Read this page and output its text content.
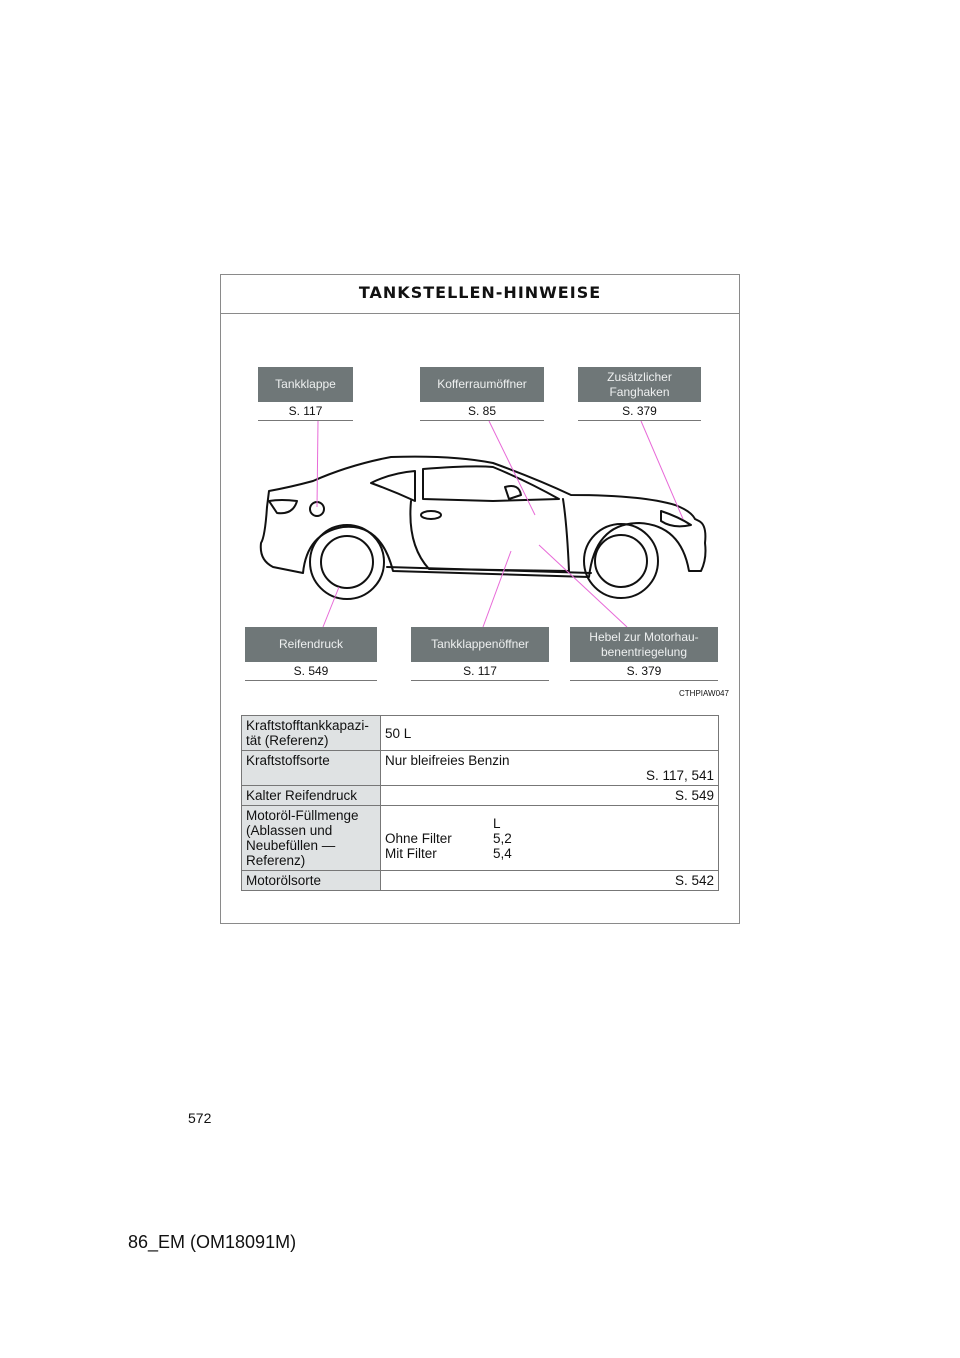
TANKSTELLEN-HINWEISE
Tankklappe
S. 117
Kofferraumöffner
S. 85
Zusätzlicher Fanghaken
S. 379
Reifendruck
S. 549
Tankklappenöffner
S. 117
Hebel zur Motorhau- benentriegelung
S. 379
CTHPIAW047
Kraftstofftankkapazi- tät (Referenz)	50 L
Kraftstoffsorte	Nur bleifreies Benzin
S. 117, 541

Kalter Reifendruck	S. 549
Motoröl-Füllmenge (Ablassen und Neubefüllen — Referenz)	L
Ohne Filter 5,2
Mit Filter 5,4

Motorölsorte	S. 542
572
86_EM (OM18091M)
